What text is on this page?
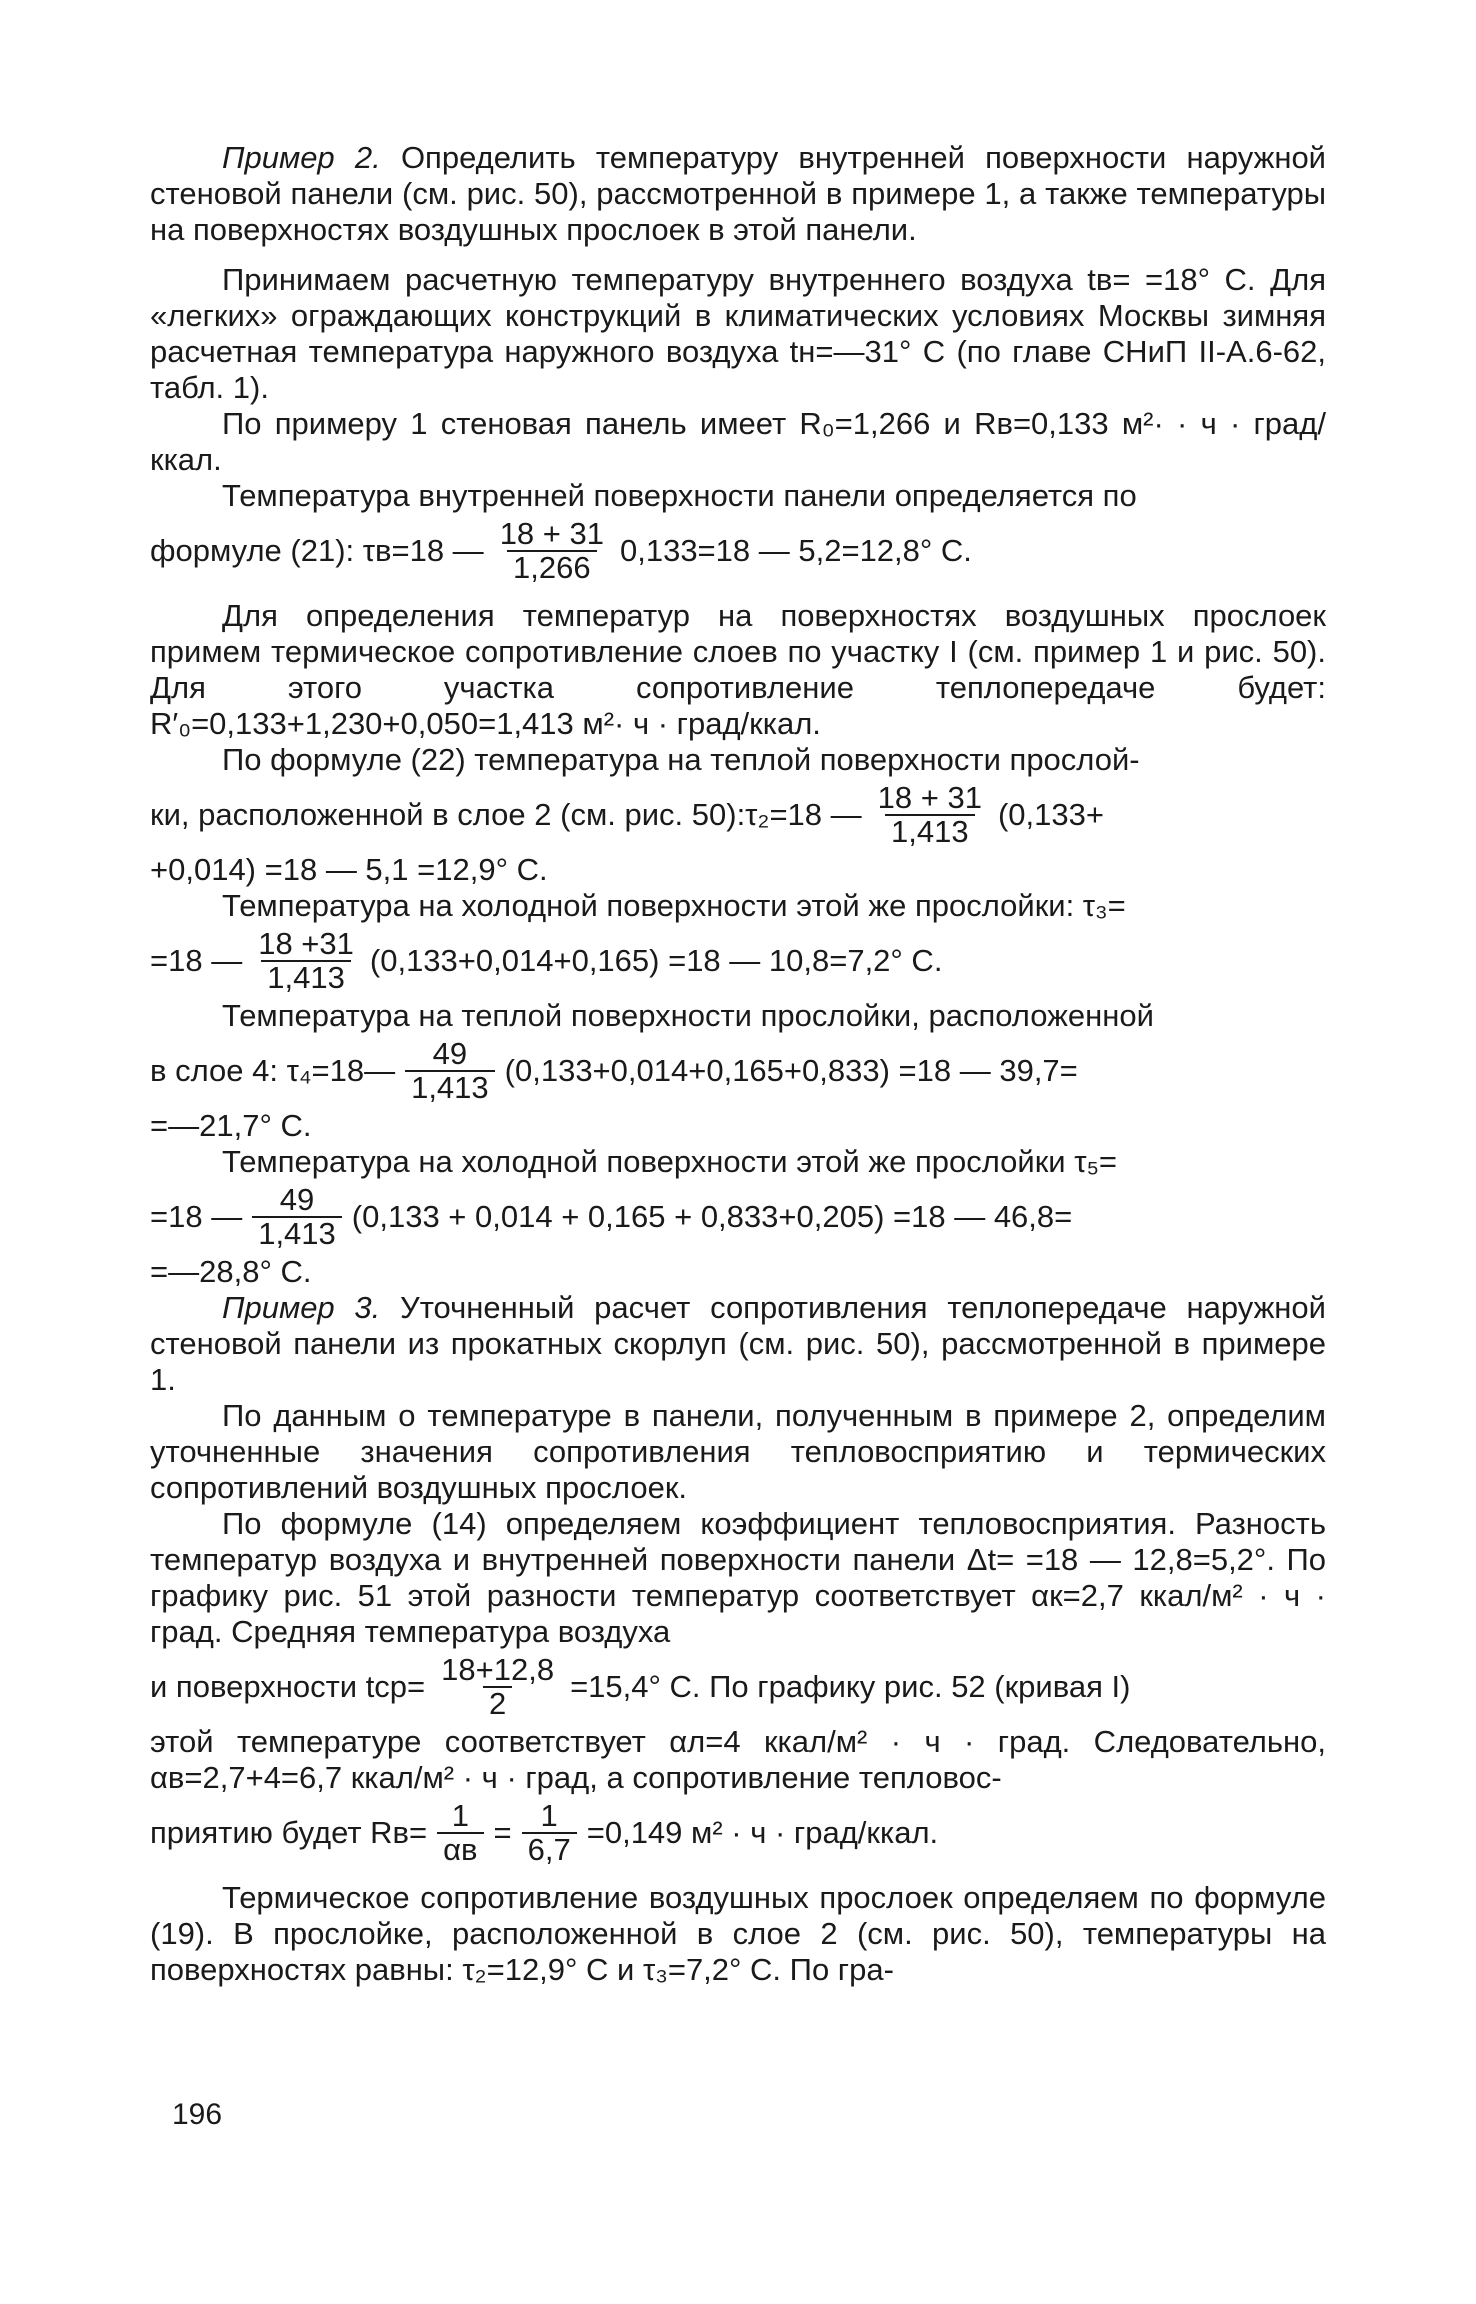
Пример 2. Определить температуру внутренней поверхности наружной стеновой панели (см. рис. 50), рассмотренной в примере 1, а также температуры на поверхностях воздушных прослоек в этой панели.

Принимаем расчетную температуру внутреннего воздуха tв= =18° С. Для «легких» ограждающих конструкций в климатических условиях Москвы зимняя расчетная температура наружного воздуха tн=—31° С (по главе СНиП II-А.6-62, табл. 1).

По примеру 1 стеновая панель имеет R₀=1,266 и Rв=0,133 м²· · ч · град/ккал.

Температура внутренней поверхности панели определяется по

формуле (21): τв=18 — $\frac{18 + 31}{1,266} 0,133=18$ — 5,2=12,8° С.

Для определения температур на поверхностях воздушных прослоек примем термическое сопротивление слоев по участку I (см. пример 1 и рис. 50). Для этого участка сопротивление теплопередаче будет: R′₀=0,133+1,230+0,050=1,413 м²· ч · град/ккал.

По формуле (22) температура на теплой поверхности прослой-

ки, расположенной в слое 2 (см. рис. 50):τ₂=18 — $\frac{18 + 31}{1,413} (0,133+$
+0,014) =18 — 5,1 =12,9° С.

Температура на холодной поверхности этой же прослойки: τ₃=

=18 — $\frac{18 +31}{1,413} (0,133+0,014+0,165) =18$ — 10,8=7,2° С.

Температура на теплой поверхности прослойки, расположенной

в слое 4: τ₄=18— $\frac{49}{1,413} (0,133+0,014+0,165+0,833) =18$ — 39,7=
=—21,7° С.

Температура на холодной поверхности этой же прослойки τ₅=

=18 — $\frac{49}{1,413} (0,133 + 0,014 + 0,165 + 0,833+0,205) =18$ — 46,8=
=—28,8° С.

Пример 3. Уточненный расчет сопротивления теплопередаче наружной стеновой панели из прокатных скорлуп (см. рис. 50), рассмотренной в примере 1.

По данным о температуре в панели, полученным в примере 2, определим уточненные значения сопротивления тепловосприятию и термических сопротивлений воздушных прослоек.

По формуле (14) определяем коэффициент тепловосприятия. Разность температур воздуха и внутренней поверхности панели Δt= =18 — 12,8=5,2°. По графику рис. 51 этой разности температур соответствует αк=2,7 ккал/м² · ч · град. Средняя температура воздуха

и поверхности $tср= \frac{18+12,8}{2} =15,4^\circ$ С. По графику рис. 52 (кривая I)

этой температуре соответствует αл=4 ккал/м² · ч · град. Следовательно, αв=2,7+4=6,7 ккал/м² · ч · град, а сопротивление тепловос-

приятию будет $Rв= \frac{1}{\alpha в} = \frac{1}{6,7} =0,149$ м² · ч · град/ккал.

Термическое сопротивление воздушных прослоек определяем по формуле (19). В прослойке, расположенной в слое 2 (см. рис. 50), температуры на поверхностях равны: τ₂=12,9° С и τ₃=7,2° С. По гра-

196
